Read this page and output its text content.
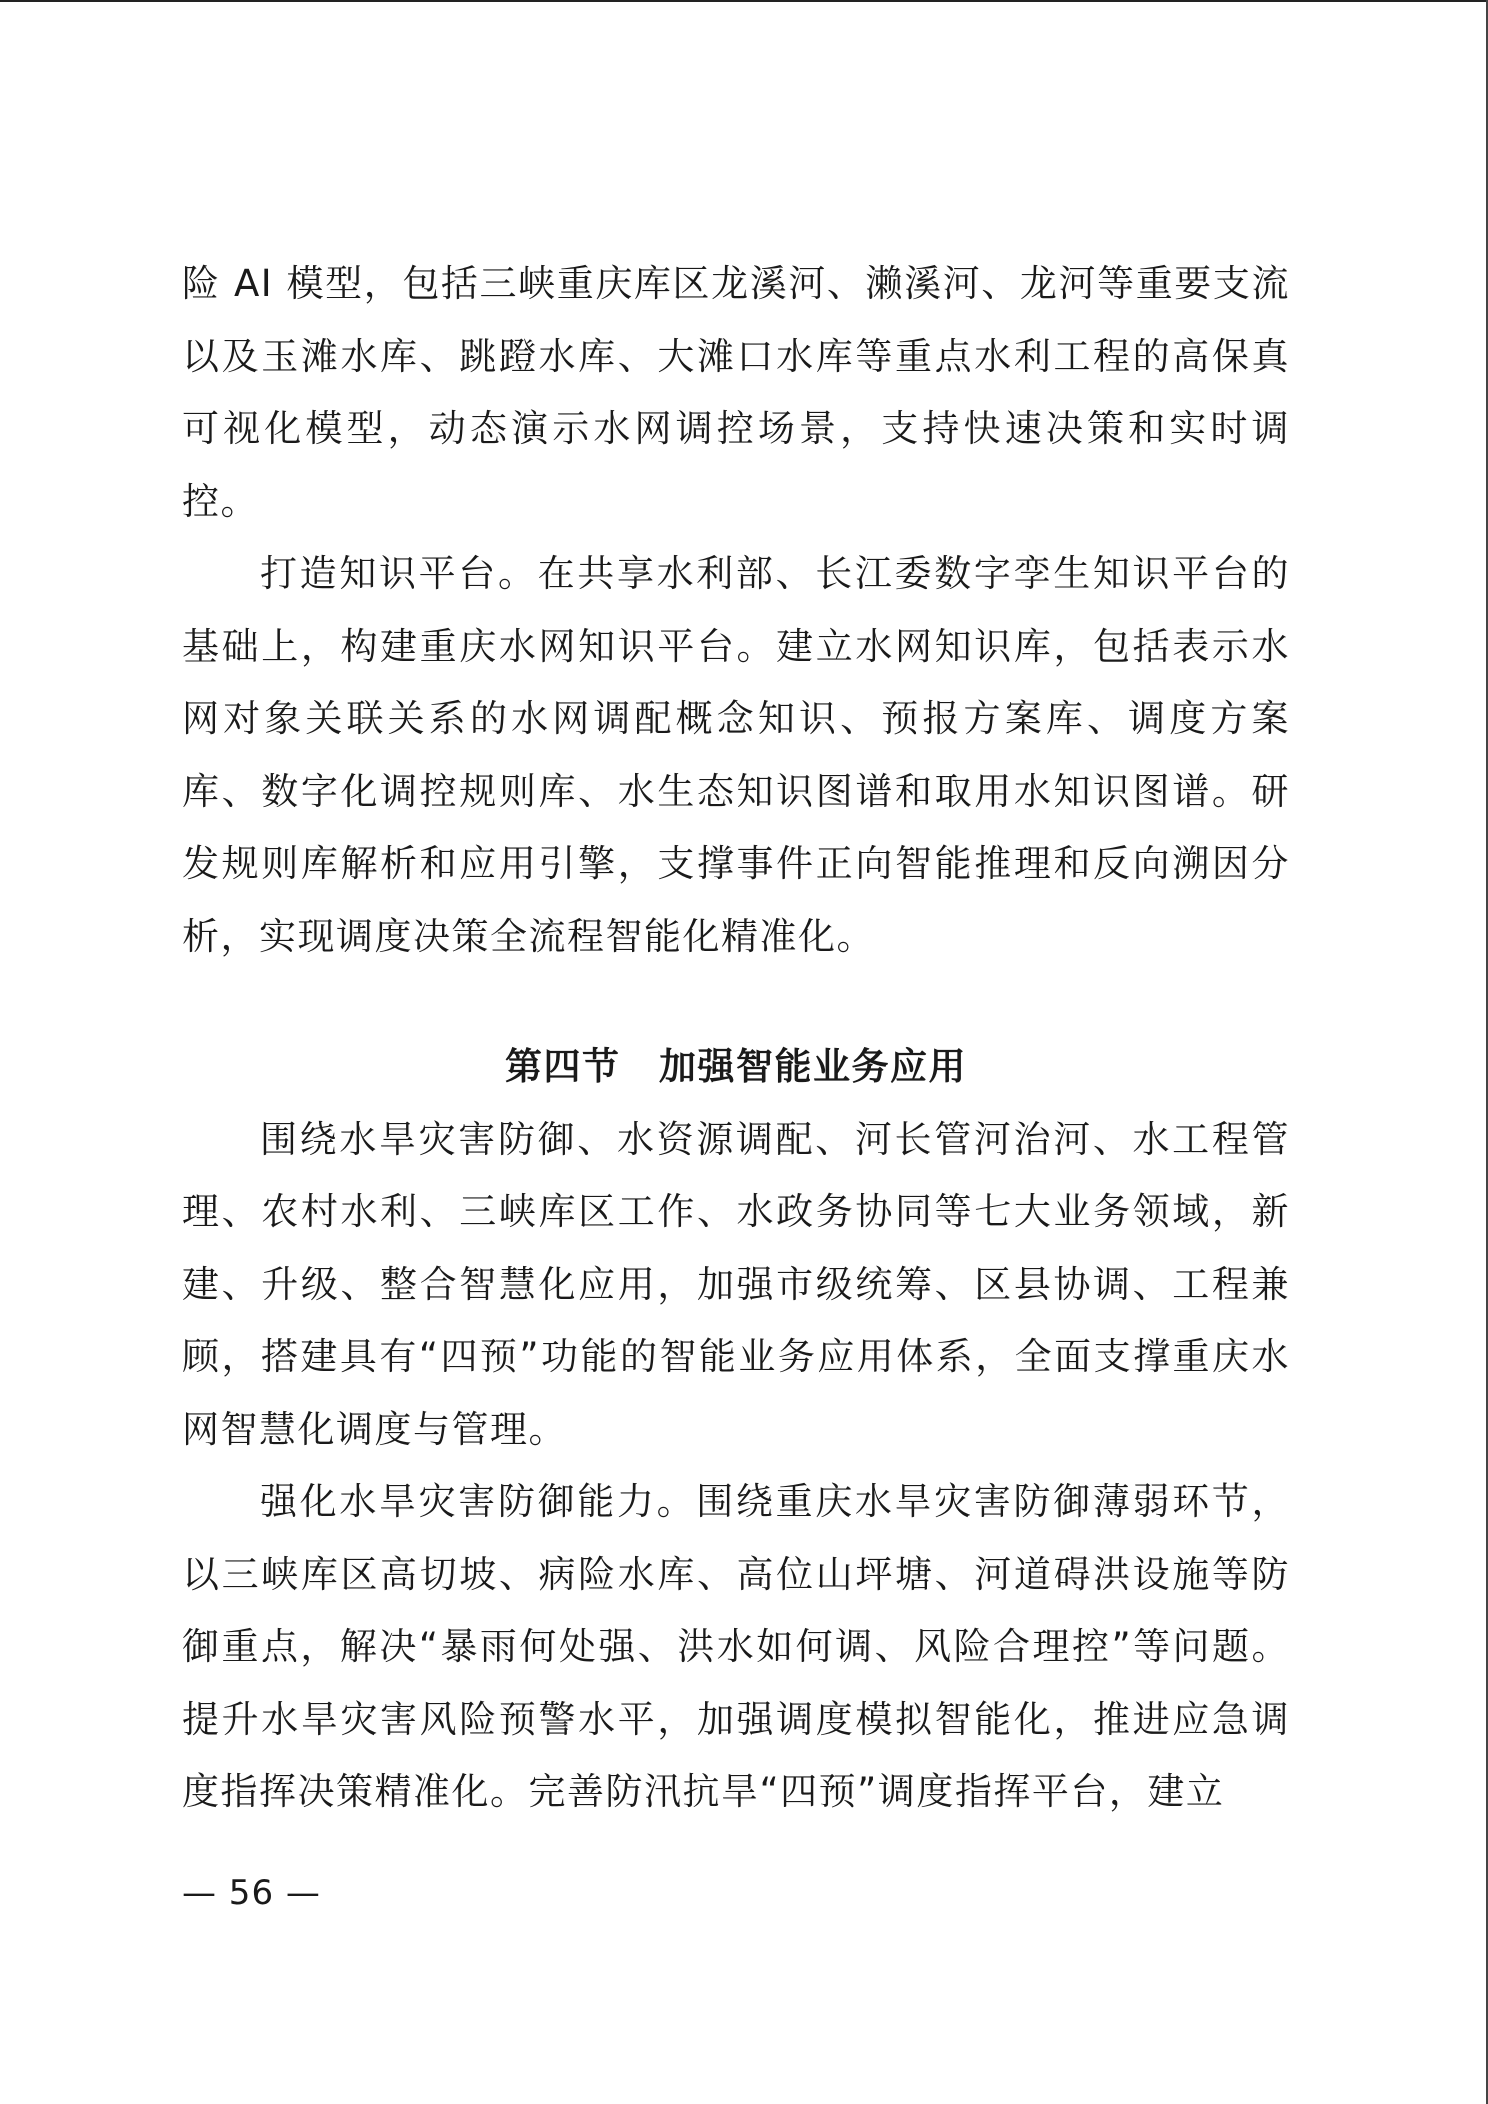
险 AI 模型，包括三峡重庆库区龙溪河、濑溪河、龙河等重要支流以及玉滩水库、跳蹬水库、大滩口水库等重点水利工程的高保真可视化模型，动态演示水网调控场景，支持快速决策和实时调控。

打造知识平台。在共享水利部、长江委数字孪生知识平台的基础上，构建重庆水网知识平台。建立水网知识库，包括表示水网对象关联关系的水网调配概念知识、预报方案库、调度方案库、数字化调控规则库、水生态知识图谱和取用水知识图谱。研发规则库解析和应用引擎，支撑事件正向智能推理和反向溯因分析，实现调度决策全流程智能化精准化。

第四节　加强智能业务应用

围绕水旱灾害防御、水资源调配、河长管河治河、水工程管理、农村水利、三峡库区工作、水政务协同等七大业务领域，新建、升级、整合智慧化应用，加强市级统筹、区县协调、工程兼顾，搭建具有“四预”功能的智能业务应用体系，全面支撑重庆水网智慧化调度与管理。

强化水旱灾害防御能力。围绕重庆水旱灾害防御薄弱环节，以三峡库区高切坡、病险水库、高位山坪塘、河道碍洪设施等防御重点，解决“暴雨何处强、洪水如何调、风险合理控”等问题。提升水旱灾害风险预警水平，加强调度模拟智能化，推进应急调度指挥决策精准化。完善防汛抗旱“四预”调度指挥平台，建立

— 56 —
